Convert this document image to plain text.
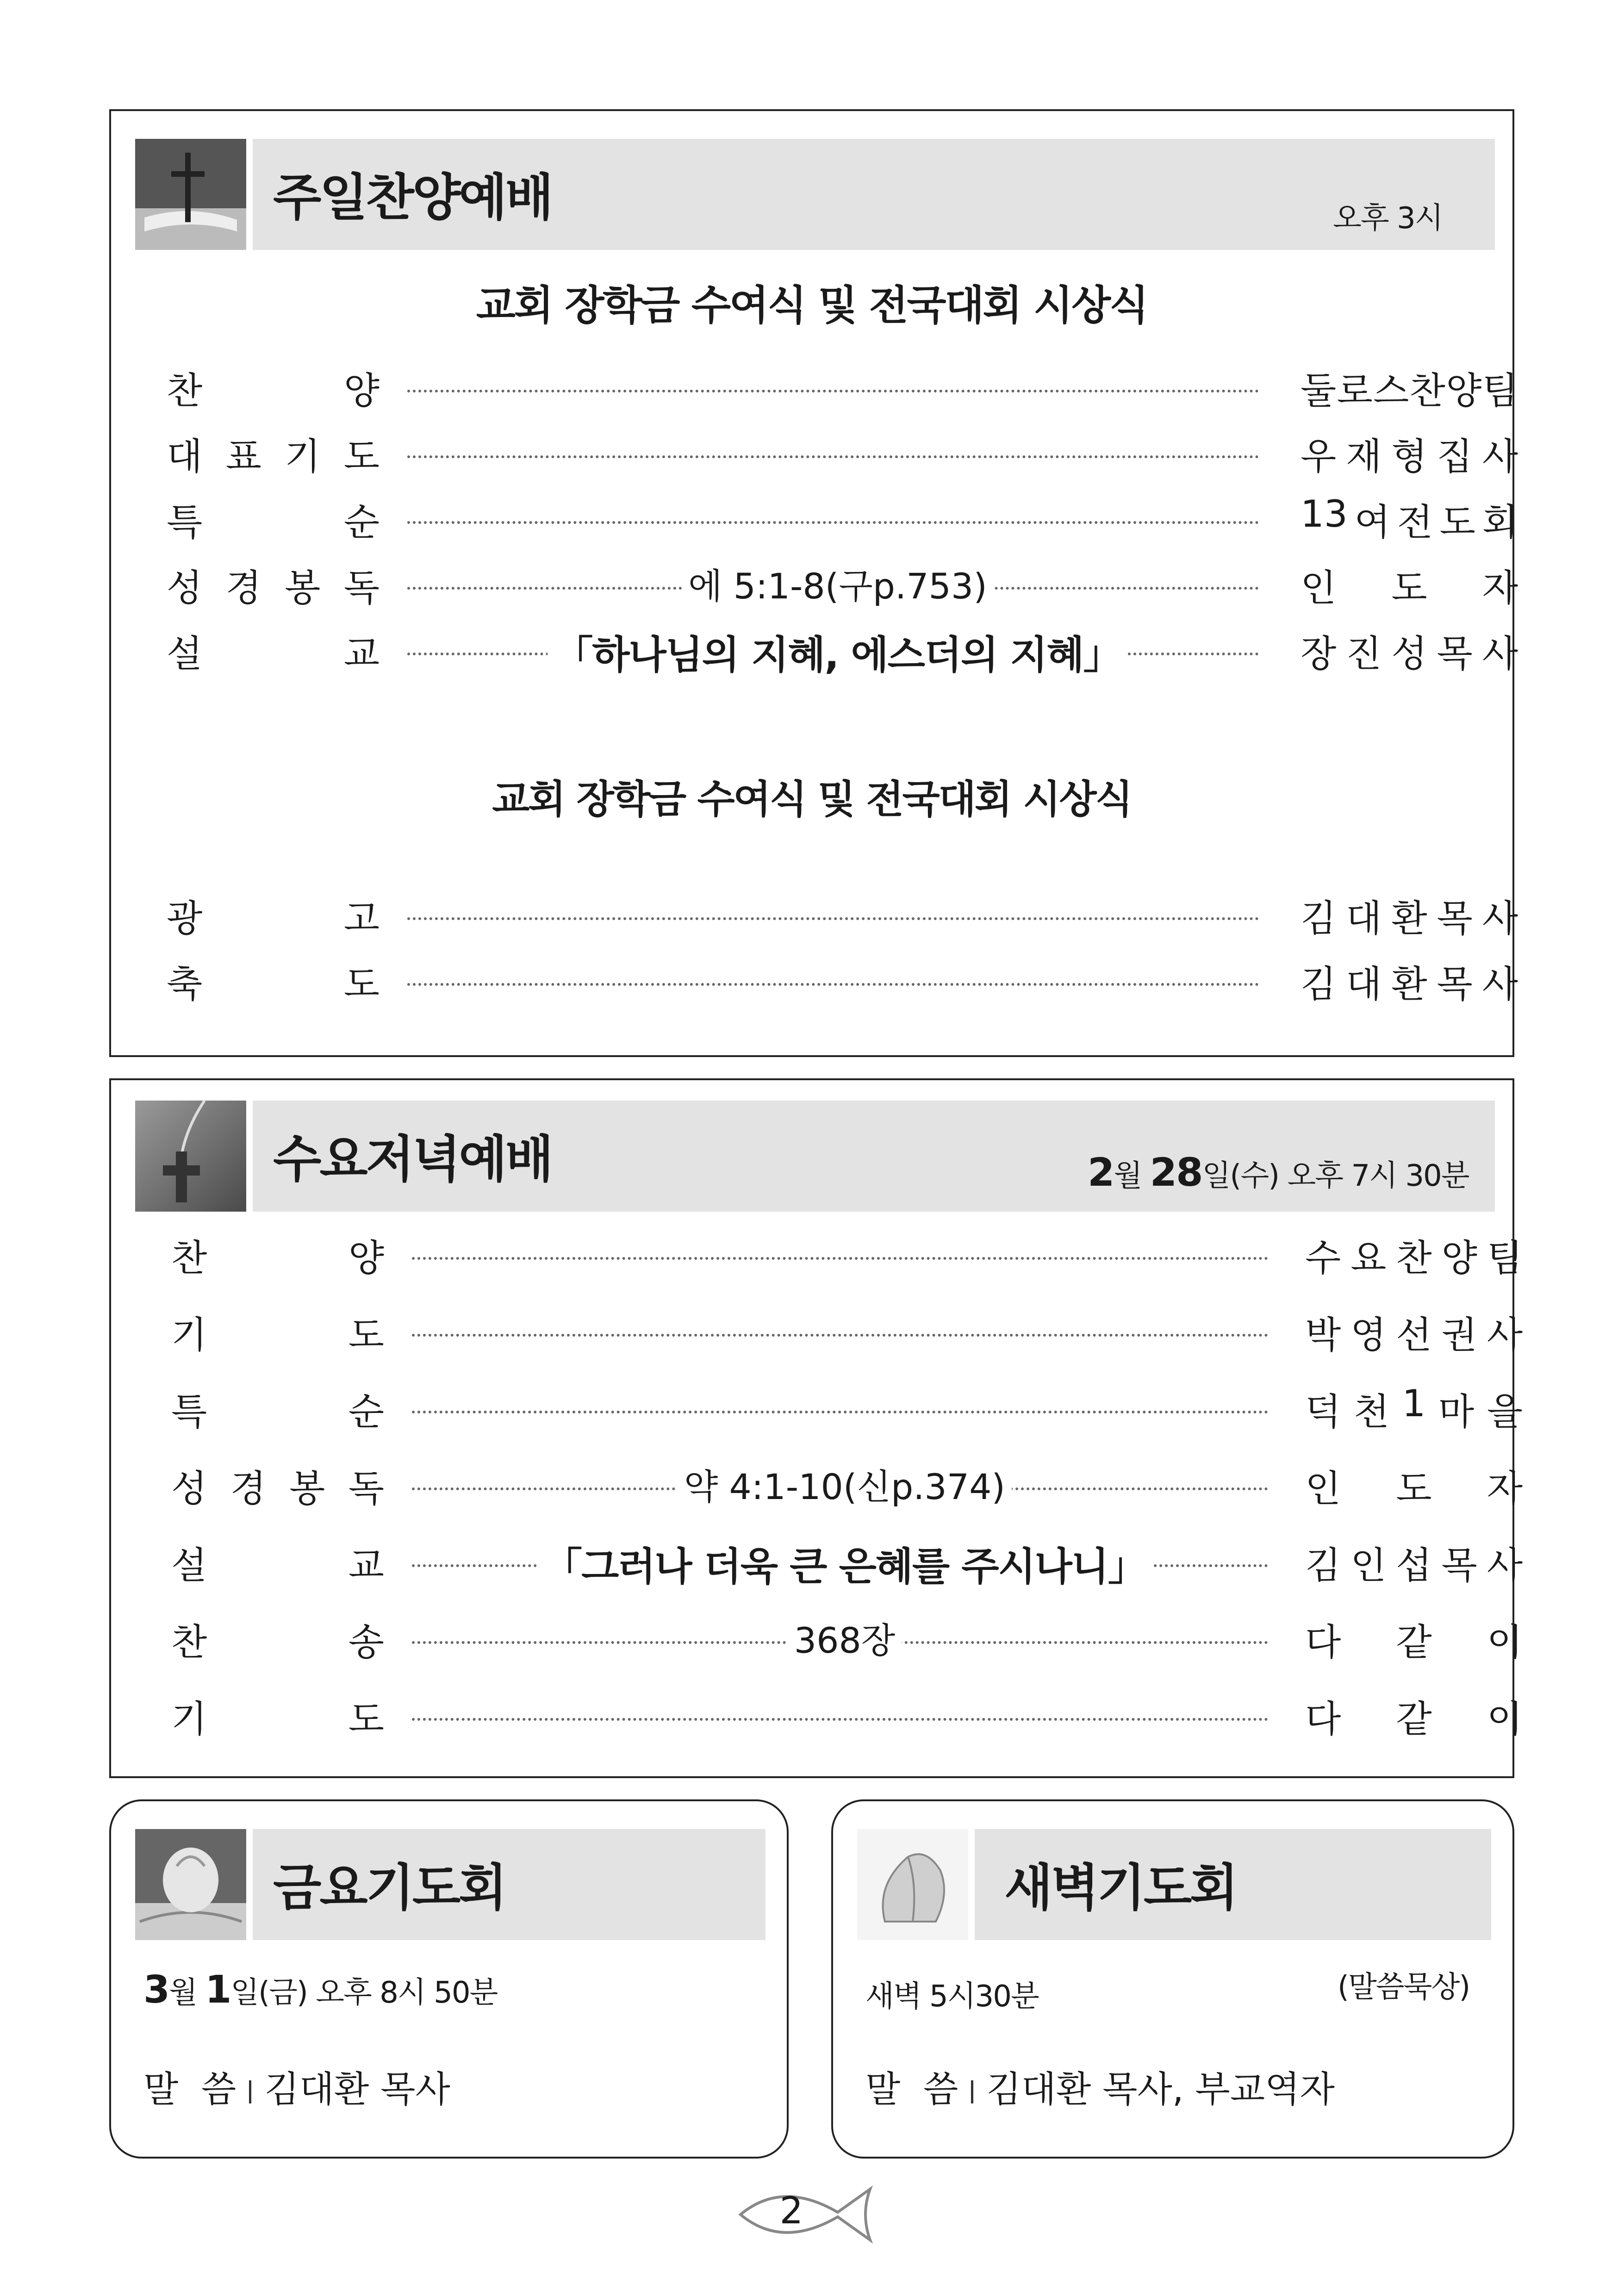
주일찬양예배	오후 3시
교회 장학금 수여식 및 전국대회 시상식
찬	양	둘 로 스 찬 양 팀
대 표 기 도	우 재 형 집 사
특	순	13 여 전 도 회
성 경 봉 독	에 5:1-8(구p.753)	인 도 자
설	교	「하나님의 지혜, 에스더의 지혜」	장 진 성 목 사
교회 장학금 수여식 및 전국대회 시상식
광	고	김 대 환 목 사
축	도	김 대 환 목 사
수요저녁예배	2월 28일(수) 오후 7시 30분
찬	양	수 요 찬 양 팀
기	도	박 영 선 권 사
특	순	덕 천 1 마 을
성 경 봉 독	약 4:1-10(신p.374)	인 도 자
설	교	「그러나 더욱 큰 은혜를 주시나니」	김 인 섭 목 사
찬	송	368장	다 같 이
기	도	다 같 이
금요기도회
3월 1일(금) 오후 8시 50분
말  씀 김대환 목사
새벽기도회
새벽 5시30분	(말씀묵상)
말  씀 김대환 목사, 부교역자
2
